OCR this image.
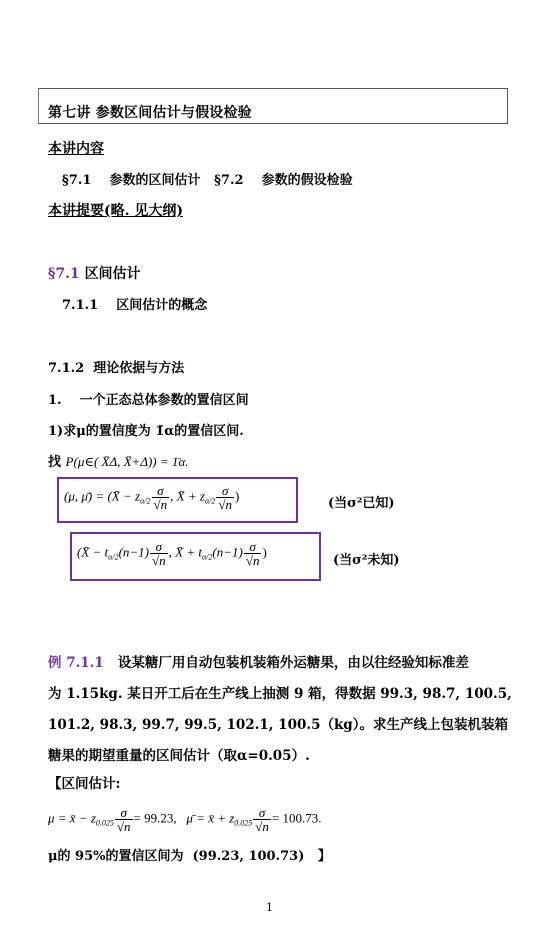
第七讲 参数区间估计与假设检验
本讲内容
§7.1    参数的区间估计   §7.2    参数的假设检验
本讲提要(略. 见大纲)
§7.1 区间估计
7.1.1    区间估计的概念
7.1.2  理论依据与方法
1.    一个正态总体参数的置信区间
1)求μ的置信度为 1̄α的置信区间.
找 P(μ∈( X̄Δ, X̄+Δ)) = 1̄α.
(μ, μ̄) = (X̄ − $z_{\alpha/2} \frac{\sigma}{√n}$ , X̄ + $z_{\alpha/2} \frac{\sigma}{√n}$ )
(当σ²已知)
(X̄ − $t_{\alpha/2}(n-1) \frac{\sigma}{√n}$ , X̄ + $t_{\alpha/2}(n-1) \frac{\sigma}{√n}$ )
(当σ²未知)
例 7.1.1   设某糖厂用自动包装机装箱外运糖果，由以往经验知标准差
为 1.15kg. 某日开工后在生产线上抽测 9 箱，得数据 99.3, 98.7, 100.5,
101.2, 98.3, 99.7, 99.5, 102.1, 100.5（kg）。求生产线上包装机装箱
糖果的期望重量的区间估计（取α=0.05）.
【区间估计:
μ = x̄ − $z_{0.025} \frac{\sigma}{√n} = 99.23$, μ̄ = x̄ + $z_{0.025} \frac{\sigma}{√n} = 100.73$.
μ的 95%的置信区间为  (99.23, 100.73)   】
1
